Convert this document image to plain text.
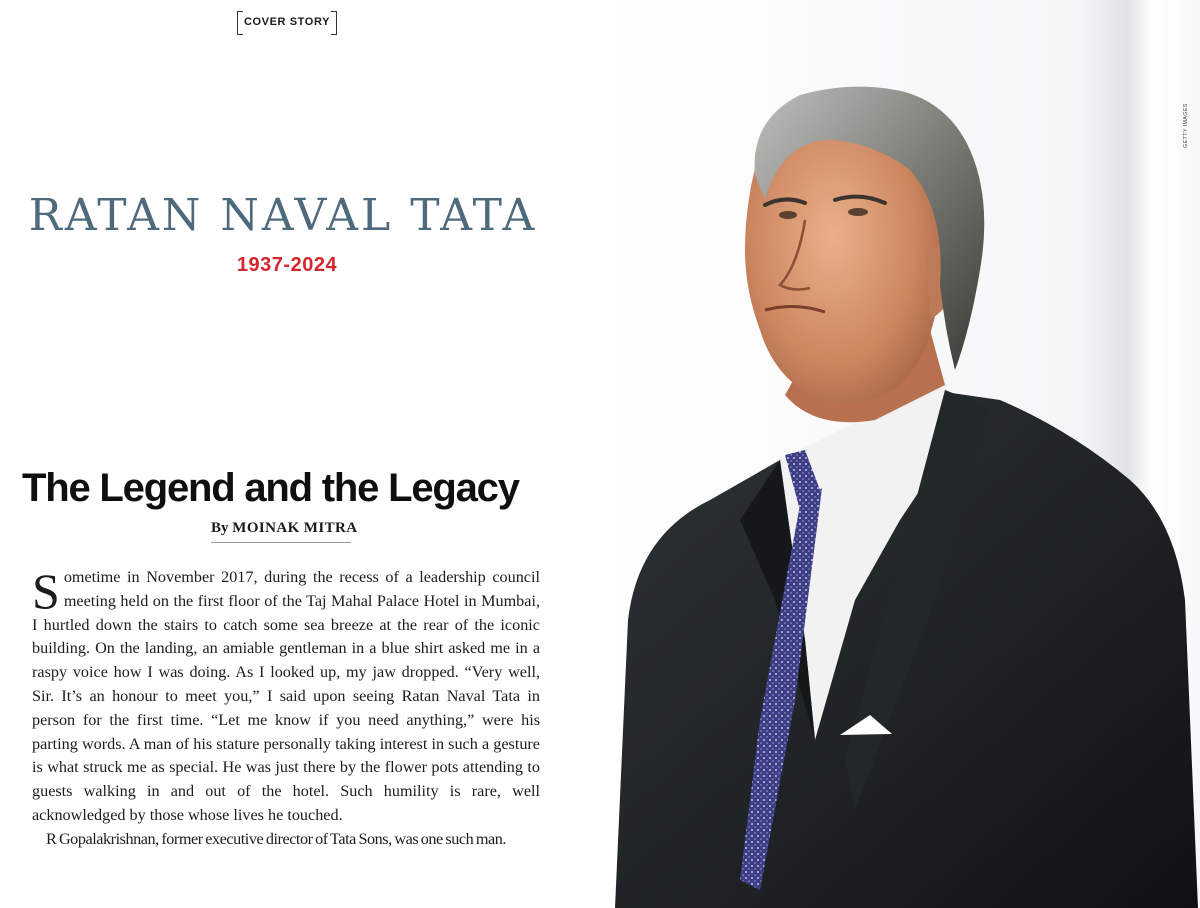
COVER STORY
RATAN NAVAL TATA
1937-2024
The Legend and the Legacy
By MOINAK MITRA

Sometime in November 2017, during the recess of a leadership council meeting held on the first floor of the Taj Mahal Palace Hotel in Mumbai, I hurtled down the stairs to catch some sea breeze at the rear of the iconic building. On the landing, an amiable gentleman in a blue shirt asked me in a raspy voice how I was doing. As I looked up, my jaw dropped. “Very well, Sir. It’s an honour to meet you,” I said upon seeing Ratan Naval Tata in person for the first time. “Let me know if you need anything,” were his parting words. A man of his stature personally taking interest in such a gesture is what struck me as special. He was just there by the flower pots attending to guests walking in and out of the hotel. Such humility is rare, well acknowledged by those whose lives he touched.

R Gopalakrishnan, former executive director of Tata Sons, was one such man.

GETTY IMAGES
